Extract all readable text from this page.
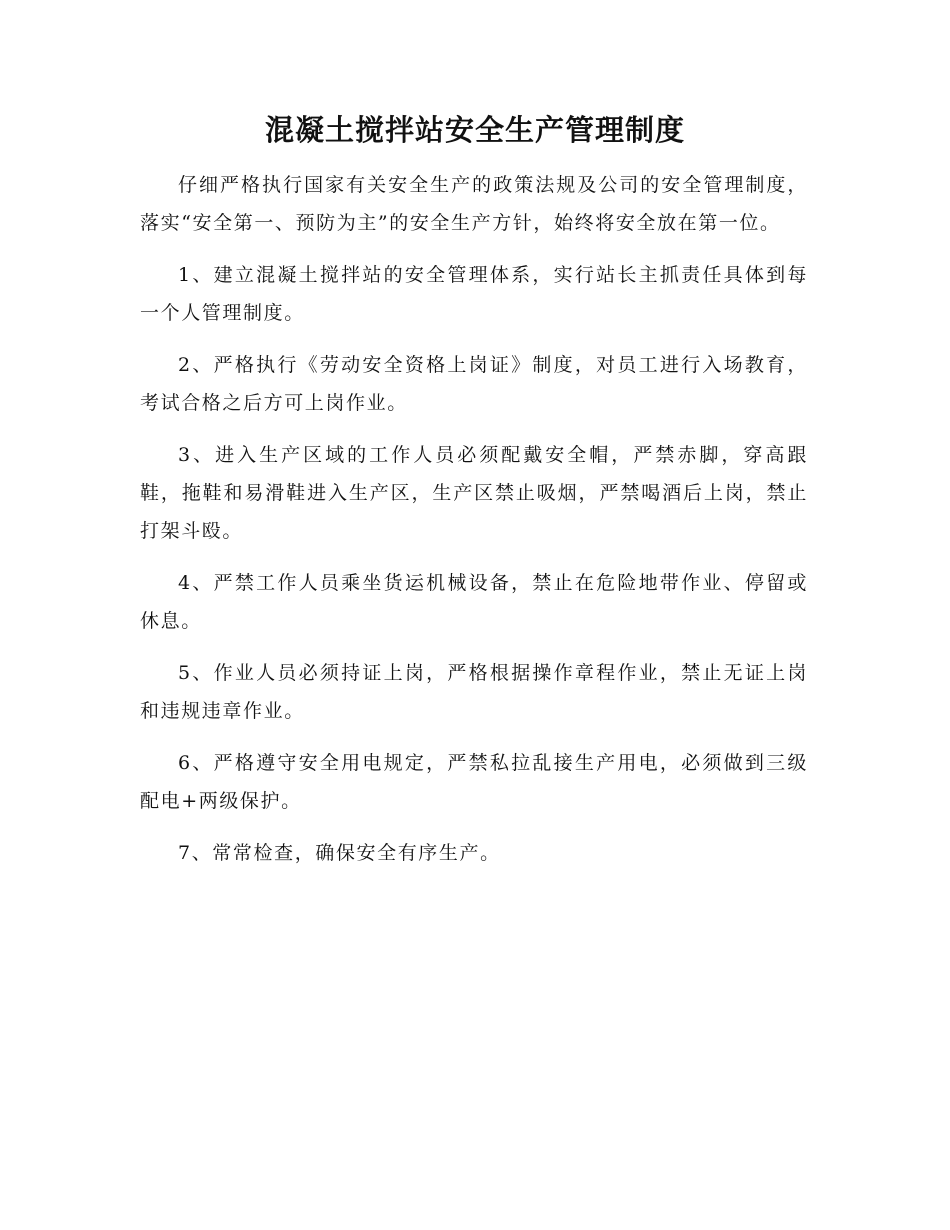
混凝土搅拌站安全生产管理制度

仔细严格执行国家有关安全生产的政策法规及公司的安全管理制度，落实“安全第一、预防为主”的安全生产方针，始终将安全放在第一位。

1、建立混凝土搅拌站的安全管理体系，实行站长主抓责任具体到每一个人管理制度。

2、严格执行《劳动安全资格上岗证》制度，对员工进行入场教育，考试合格之后方可上岗作业。

3、进入生产区域的工作人员必须配戴安全帽，严禁赤脚，穿高跟鞋，拖鞋和易滑鞋进入生产区，生产区禁止吸烟，严禁喝酒后上岗，禁止打架斗殴。

4、严禁工作人员乘坐货运机械设备，禁止在危险地带作业、停留或休息。

5、作业人员必须持证上岗，严格根据操作章程作业，禁止无证上岗和违规违章作业。

6、严格遵守安全用电规定，严禁私拉乱接生产用电，必须做到三级配电+两级保护。

7、常常检查，确保安全有序生产。
